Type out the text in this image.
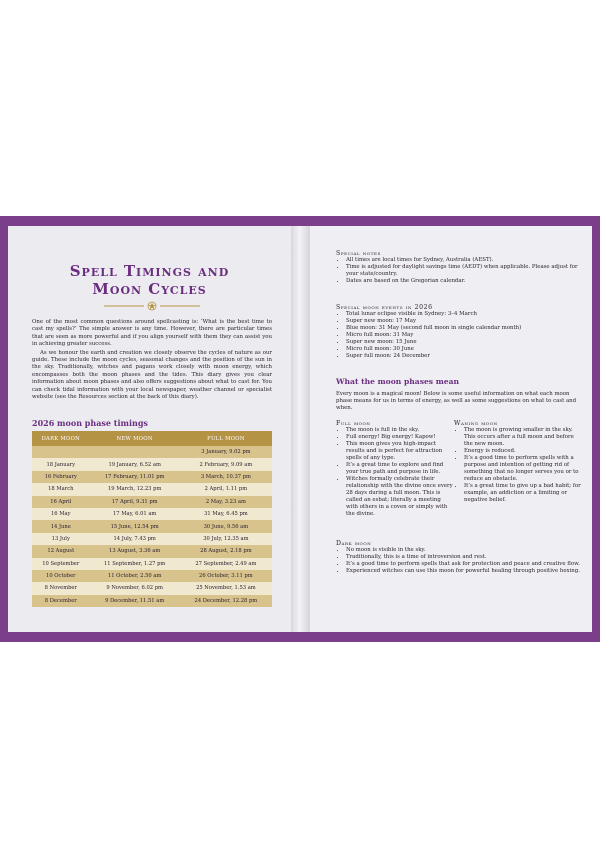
Spell Timings and
Moon Cycles

One of the most common questions around spellcasting is: ‘What is the best time to cast my spells?’ The simple answer is any time. However, there are particular times that are seen as more powerful and if you align yourself with them they can assist you in achieving greater success.

As we honour the earth and creation we closely observe the cycles of nature as our guide. These include the moon cycles, seasonal changes and the position of the sun in the sky. Traditionally, witches and pagans work closely with moon energy, which encompasses both the moon phases and the tides. This diary gives you clear information about moon phases and also offers suggestions about what to cast for. You can check tidal information with your local newspaper, weather channel or specialist website (see the Resources section at the back of this diary).

2026 moon phase timings
DARK MOON	NEW MOON	FULL MOON
		3 January, 9.02 pm
18 January	19 January, 6.52 am	2 February, 9.09 am
16 February	17 February, 11.01 pm	3 March, 10.37 pm
18 March	19 March, 12.23 pm	2 April, 1.11 pm
16 April	17 April, 9.31 pm	2 May, 3.23 am
16 May	17 May, 6.01 am	31 May, 6.45 pm
14 June	15 June, 12.54 pm	30 June, 9.56 am
13 July	14 July, 7.43 pm	30 July, 12.35 am
12 August	13 August, 3.36 am	28 August, 2.18 pm
10 September	11 September, 1.27 pm	27 September, 2.49 am
10 October	11 October, 2.50 am	26 October, 3.11 pm
8 November	9 November, 6.02 pm	25 November, 1.53 am
8 December	9 December, 11.51 am	24 December, 12.28 pm
Special notes
• All times are local times for Sydney, Australia (AEST).
• Time is adjusted for daylight savings time (AEDT) when applicable. Please adjust for your state/country.
• Dates are based on the Gregorian calendar.
Special moon events in 2026
• Total lunar eclipse visible in Sydney: 3–4 March
• Super new moon: 17 May
• Blue moon: 31 May (second full moon in single calendar month)
• Micro full moon: 31 May
• Super new moon: 15 June
• Micro full moon: 30 June
• Super full moon: 24 December
What the moon phases mean
Every moon is a magical moon! Below is some useful information on what each moon phase means for us in terms of energy, as well as some suggestions on what to cast and when.
Full moon
• The moon is full in the sky.
• Full energy! Big energy! Kapow!
• This moon gives you high-impact results and is perfect for attraction spells of any type.
• It’s a great time to explore and find your true path and purpose in life.
• Witches formally celebrate their relationship with the divine once every 28 days during a full moon. This is called an esbat; literally a meeting with others in a coven or simply with the divine.
Waning moon
• The moon is growing smaller in the sky. This occurs after a full moon and before the new moon.
• Energy is reduced.
• It’s a good time to perform spells with a purpose and intention of getting rid of something that no longer serves you or to reduce an obstacle.
• It’s a great time to give up a bad habit; for example, an addiction or a limiting or negative belief.
Dark moon
• No moon is visible in the sky.
• Traditionally, this is a time of introversion and rest.
• It’s a good time to perform spells that ask for protection and peace and creative flow.
• Experienced witches can use this moon for powerful healing through positive hexing.
